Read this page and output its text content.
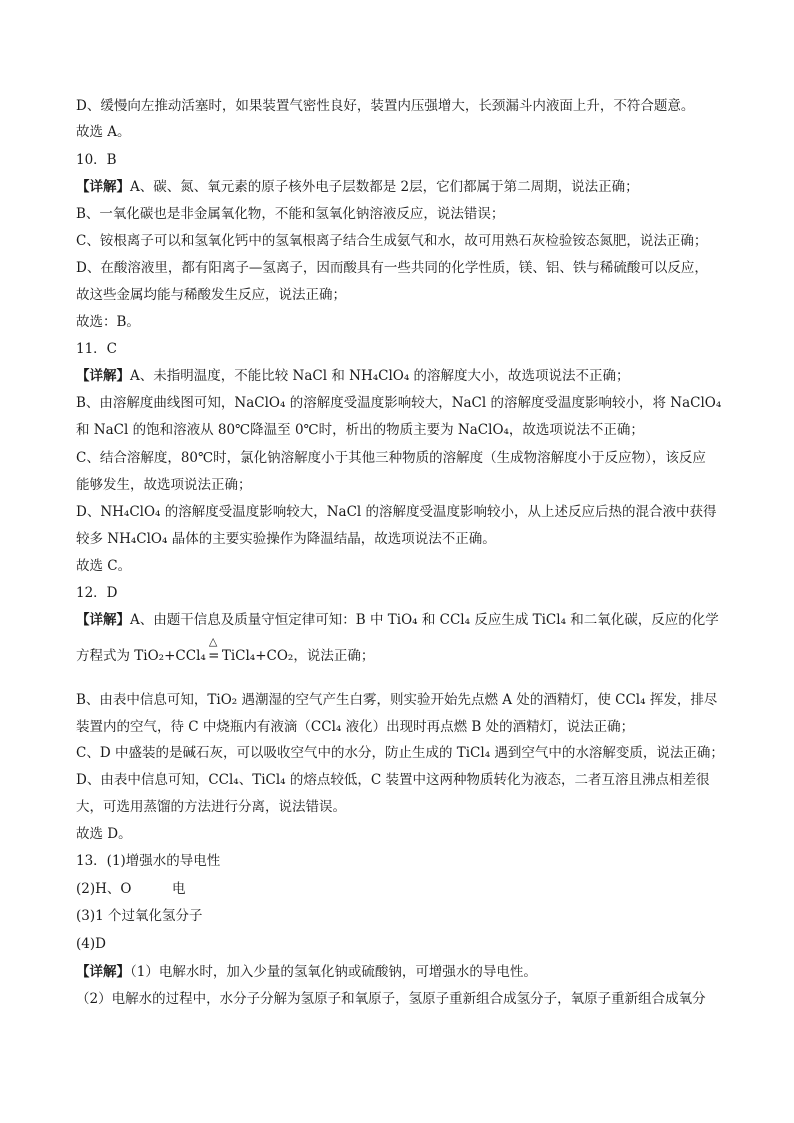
D、缓慢向左推动活塞时，如果装置气密性良好，装置内压强增大，长颈漏斗内液面上升，不符合题意。
故选 A。
10．B
【详解】A、碳、氮、氧元素的原子核外电子层数都是 2层，它们都属于第二周期，说法正确；
B、一氧化碳也是非金属氧化物，不能和氢氧化钠溶液反应，说法错误；
C、铵根离子可以和氢氧化钙中的氢氧根离子结合生成氨气和水，故可用熟石灰检验铵态氮肥，说法正确；
D、在酸溶液里，都有阳离子—氢离子，因而酸具有一些共同的化学性质，镁、铝、铁与稀硫酸可以反应，
故这些金属均能与稀酸发生反应，说法正确；
故选：B。
11．C
【详解】A、未指明温度，不能比较 NaCl 和 NH₄ClO₄ 的溶解度大小，故选项说法不正确；
B、由溶解度曲线图可知，NaClO₄ 的溶解度受温度影响较大，NaCl 的溶解度受温度影响较小，将 NaClO₄
和 NaCl 的饱和溶液从 80℃降温至 0℃时，析出的物质主要为 NaClO₄，故选项说法不正确；
C、结合溶解度，80℃时，氯化钠溶解度小于其他三种物质的溶解度（生成物溶解度小于反应物），该反应
能够发生，故选项说法正确；
D、NH₄ClO₄ 的溶解度受温度影响较大，NaCl 的溶解度受温度影响较小，从上述反应后热的混合液中获得
较多 NH₄ClO₄ 晶体的主要实验操作为降温结晶，故选项说法不正确。
故选 C。
12．D
【详解】A、由题干信息及质量守恒定律可知：B 中 TiO₄ 和 CCl₄ 反应生成 TiCl₄ 和二氧化碳，反应的化学
方程式为 TiO₂+CCl₄
△
= TiCl₄+CO₂，说法正确；
B、由表中信息可知，TiO₂ 遇潮湿的空气产生白雾，则实验开始先点燃 A 处的酒精灯，使 CCl₄ 挥发，排尽
装置内的空气，待 C 中烧瓶内有液滴（CCl₄ 液化）出现时再点燃 B 处的酒精灯，说法正确；
C、D 中盛装的是碱石灰，可以吸收空气中的水分，防止生成的 TiCl₄ 遇到空气中的水溶解变质，说法正确；
D、由表中信息可知，CCl₄、TiCl₄ 的熔点较低，C 装置中这两种物质转化为液态，二者互溶且沸点相差很
大，可选用蒸馏的方法进行分离，说法错误。
故选 D。
13．(1)增强水的导电性
(2)H、O　　　电
(3)1 个过氧化氢分子
(4)D
【详解】（1）电解水时，加入少量的氢氧化钠或硫酸钠，可增强水的导电性。
（2）电解水的过程中，水分子分解为氢原子和氧原子，氢原子重新组合成氢分子，氧原子重新组合成氧分
